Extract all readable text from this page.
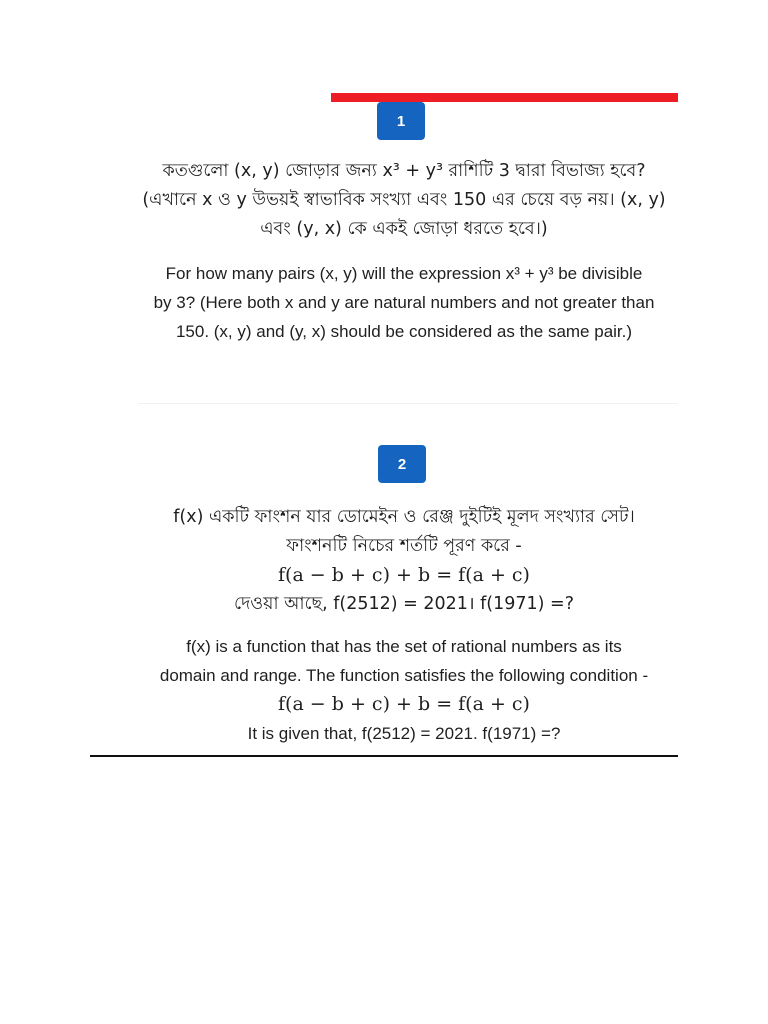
1
কতগুলো (x, y) জোড়ার জন্য x³ + y³ রাশিটি 3 দ্বারা বিভাজ্য হবে?
(এখানে x ও y উভয়ই স্বাভাবিক সংখ্যা এবং 150 এর চেয়ে বড় নয়। (x, y)
এবং (y, x) কে একই জোড়া ধরতে হবে।)
For how many pairs (x, y) will the expression x³ + y³ be divisible
by 3? (Here both x and y are natural numbers and not greater than
150. (x, y) and (y, x) should be considered as the same pair.)
2
f(x) একটি ফাংশন যার ডোমেইন ও রেঞ্জ দুইটিই মূলদ সংখ্যার সেট।
ফাংশনটি নিচের শর্তটি পূরণ করে -
f(a − b + c) + b = f(a + c)
দেওয়া আছে, f(2512) = 2021। f(1971) =?
f(x) is a function that has the set of rational numbers as its
domain and range. The function satisfies the following condition -
f(a − b + c) + b = f(a + c)
It is given that, f(2512) = 2021. f(1971) =?
